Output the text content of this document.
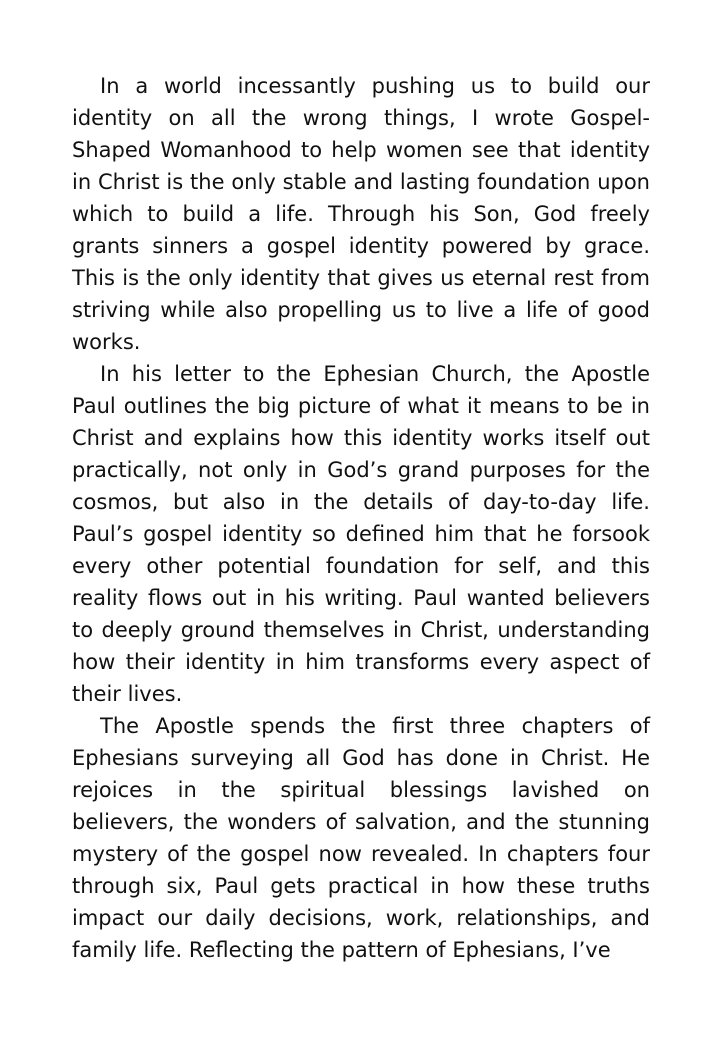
In a world incessantly pushing us to build our identity on all the wrong things, I wrote Gospel-Shaped Womanhood to help women see that identity in Christ is the only stable and lasting foundation upon which to build a life. Through his Son, God freely grants sinners a gospel identity powered by grace. This is the only identity that gives us eternal rest from striving while also propelling us to live a life of good works.

In his letter to the Ephesian Church, the Apostle Paul outlines the big picture of what it means to be in Christ and explains how this identity works itself out practically, not only in God’s grand purposes for the cosmos, but also in the details of day-to-day life. Paul’s gospel identity so defined him that he forsook every other potential foundation for self, and this reality flows out in his writing. Paul wanted believers to deeply ground themselves in Christ, understanding how their identity in him transforms every aspect of their lives.

The Apostle spends the first three chapters of Ephesians surveying all God has done in Christ. He rejoices in the spiritual blessings lavished on believers, the wonders of salvation, and the stunning mystery of the gospel now revealed. In chapters four through six, Paul gets practical in how these truths impact our daily decisions, work, relationships, and family life. Reflecting the pattern of Ephesians, I’ve
